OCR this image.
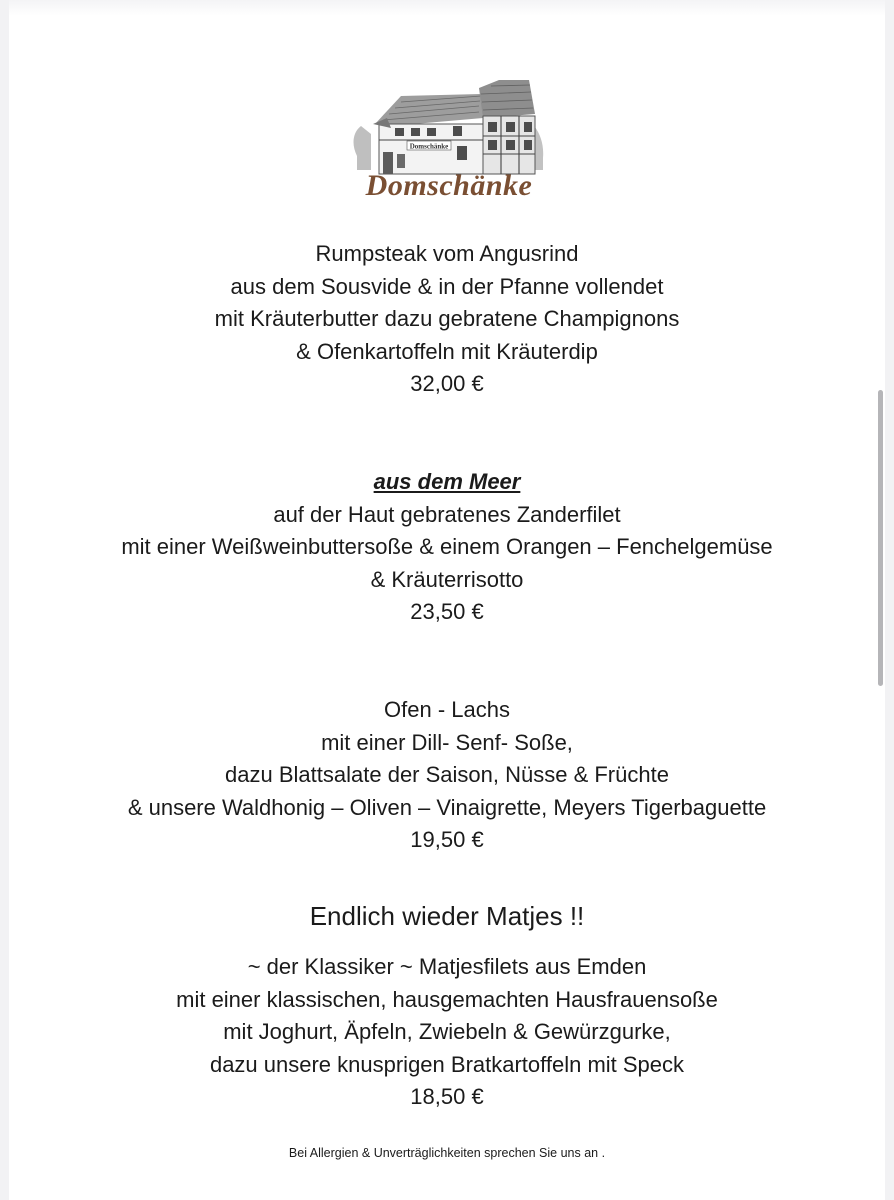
Domschänke
Domschänke
Rumpsteak vom Angusrind
aus dem Sousvide & in der Pfanne vollendet
mit Kräuterbutter dazu gebratene Champignons
& Ofenkartoffeln mit Kräuterdip
32,00 €
aus dem Meer
auf der Haut gebratenes Zanderfilet
mit einer Weißweinbuttersoße & einem Orangen – Fenchelgemüse
& Kräuterrisotto
23,50 €
Ofen - Lachs
mit einer Dill- Senf- Soße,
dazu Blattsalate der Saison, Nüsse & Früchte
& unsere Waldhonig – Oliven – Vinaigrette, Meyers Tigerbaguette
19,50 €
Endlich wieder Matjes !!
~ der Klassiker ~ Matjesfilets aus Emden
mit einer klassischen, hausgemachten Hausfrauensoße
mit Joghurt, Äpfeln, Zwiebeln & Gewürzgurke,
dazu unsere knusprigen Bratkartoffeln mit Speck
18,50 €
Bei Allergien & Unverträglichkeiten sprechen Sie uns an .
